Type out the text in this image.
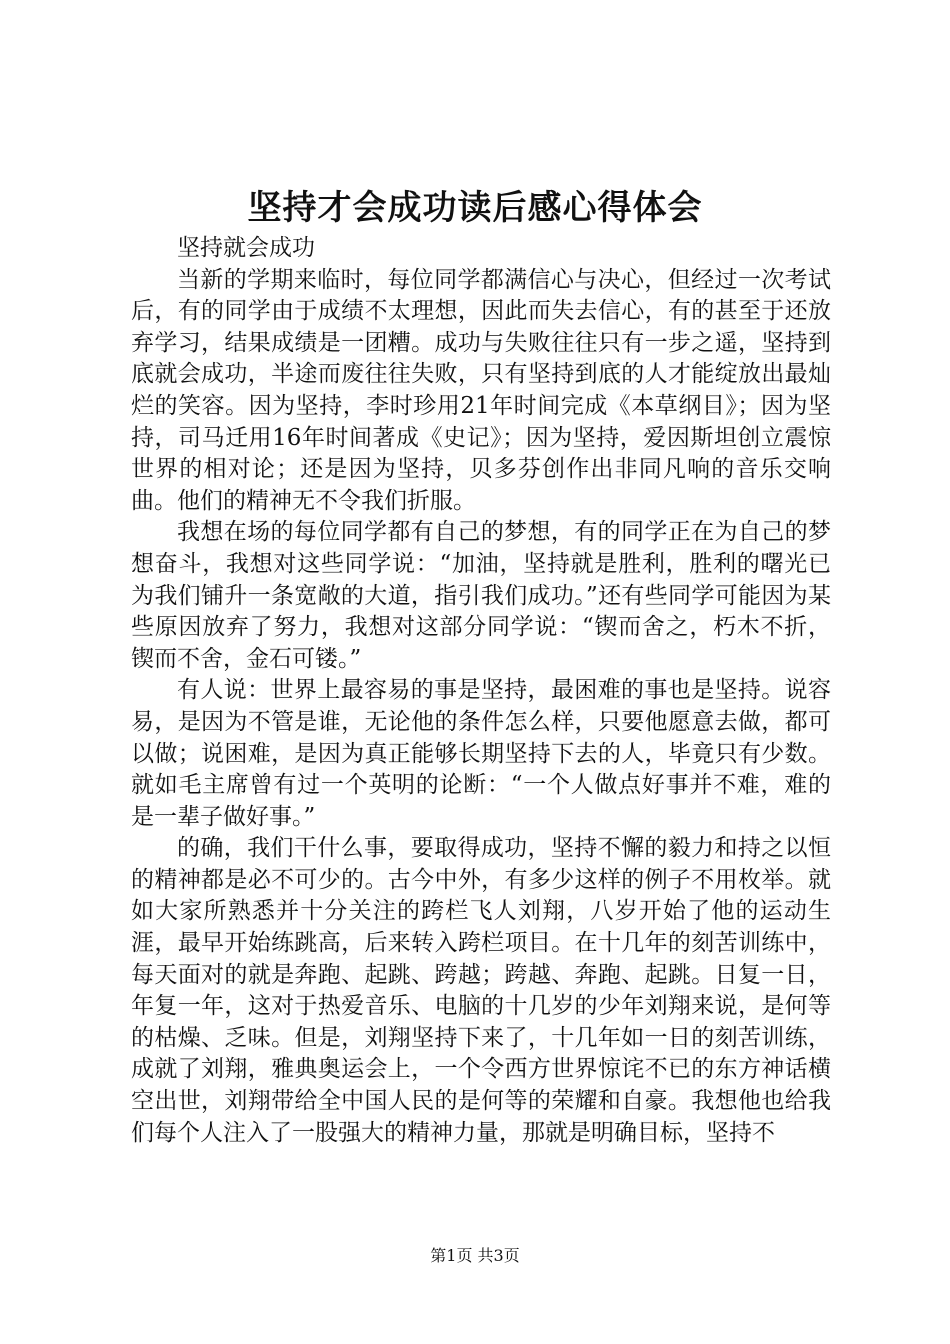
坚持才会成功读后感心得体会

坚持就会成功

当新的学期来临时，每位同学都满信心与决心，但经过一次考试后，有的同学由于成绩不太理想，因此而失去信心，有的甚至于还放弃学习，结果成绩是一团糟。成功与失败往往只有一步之遥，坚持到底就会成功，半途而废往往失败，只有坚持到底的人才能绽放出最灿烂的笑容。因为坚持，李时珍用21年时间完成《本草纲目》；因为坚持，司马迁用16年时间著成《史记》；因为坚持，爱因斯坦创立震惊世界的相对论；还是因为坚持，贝多芬创作出非同凡响的音乐交响曲。他们的精神无不令我们折服。

我想在场的每位同学都有自己的梦想，有的同学正在为自己的梦想奋斗，我想对这些同学说：“加油，坚持就是胜利，胜利的曙光已为我们铺升一条宽敞的大道，指引我们成功。”还有些同学可能因为某些原因放弃了努力，我想对这部分同学说：“锲而舍之，朽木不折，锲而不舍，金石可镂。”

有人说：世界上最容易的事是坚持，最困难的事也是坚持。说容易，是因为不管是谁，无论他的条件怎么样，只要他愿意去做，都可以做；说困难，是因为真正能够长期坚持下去的人，毕竟只有少数。就如毛主席曾有过一个英明的论断：“一个人做点好事并不难，难的是一辈子做好事。”

的确，我们干什么事，要取得成功，坚持不懈的毅力和持之以恒的精神都是必不可少的。古今中外，有多少这样的例子不用枚举。就如大家所熟悉并十分关注的跨栏飞人刘翔，八岁开始了他的运动生涯，最早开始练跳高，后来转入跨栏项目。在十几年的刻苦训练中，每天面对的就是奔跑、起跳、跨越；跨越、奔跑、起跳。日复一日，年复一年，这对于热爱音乐、电脑的十几岁的少年刘翔来说，是何等的枯燥、乏味。但是，刘翔坚持下来了，十几年如一日的刻苦训练，成就了刘翔，雅典奥运会上，一个令西方世界惊诧不已的东方神话横空出世，刘翔带给全中国人民的是何等的荣耀和自豪。我想他也给我们每个人注入了一股强大的精神力量，那就是明确目标，坚持不

第1页 共3页
